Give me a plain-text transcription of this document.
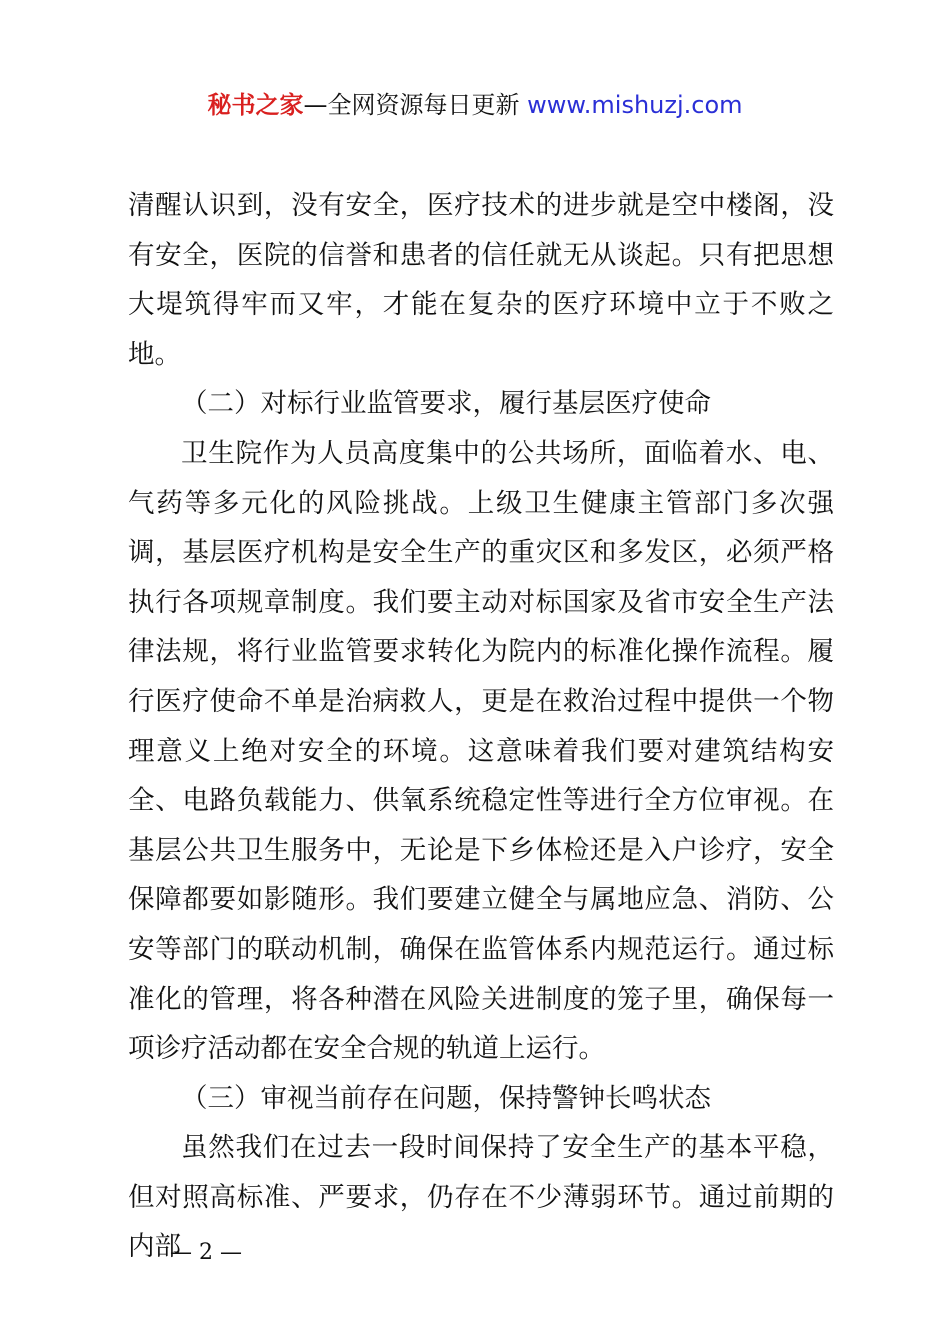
秘书之家—全网资源每日更新 www.mishuzj.com

清醒认识到，没有安全，医疗技术的进步就是空中楼阁，没有安全，医院的信誉和患者的信任就无从谈起。只有把思想大堤筑得牢而又牢，才能在复杂的医疗环境中立于不败之地。

（二）对标行业监管要求，履行基层医疗使命

卫生院作为人员高度集中的公共场所，面临着水、电、气药等多元化的风险挑战。上级卫生健康主管部门多次强调，基层医疗机构是安全生产的重灾区和多发区，必须严格执行各项规章制度。我们要主动对标国家及省市安全生产法律法规，将行业监管要求转化为院内的标准化操作流程。履行医疗使命不单是治病救人，更是在救治过程中提供一个物理意义上绝对安全的环境。这意味着我们要对建筑结构安全、电路负载能力、供氧系统稳定性等进行全方位审视。在基层公共卫生服务中，无论是下乡体检还是入户诊疗，安全保障都要如影随形。我们要建立健全与属地应急、消防、公安等部门的联动机制，确保在监管体系内规范运行。通过标准化的管理，将各种潜在风险关进制度的笼子里，确保每一项诊疗活动都在安全合规的轨道上运行。

（三）审视当前存在问题，保持警钟长鸣状态

虽然我们在过去一段时间保持了安全生产的基本平稳，但对照高标准、严要求，仍存在不少薄弱环节。通过前期的内部

— 2 —
